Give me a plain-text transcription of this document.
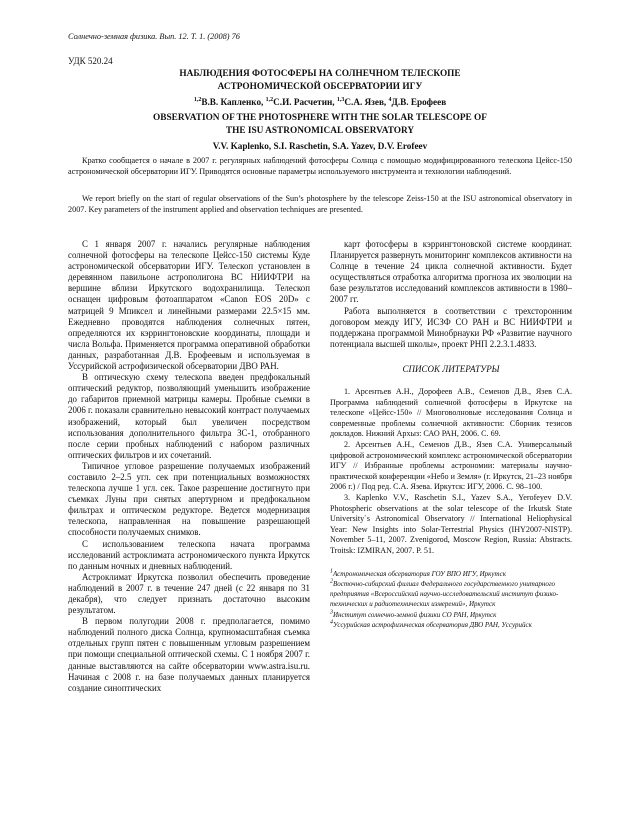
Солнечно-земная физика. Вып. 12. Т. 1. (2008) 76
УДК 520.24
НАБЛЮДЕНИЯ ФОТОСФЕРЫ НА СОЛНЕЧНОМ ТЕЛЕСКОПЕ
АСТРОНОМИЧЕСКОЙ ОБСЕРВАТОРИИ ИГУ
$^{1,2}$В.В. Капленко, $^{1,2}$С.И. Расчетин, $^{1,3}$С.А. Язев, $^4$Д.В. Ерофеев
OBSERVATION OF THE PHOTOSPHERE WITH THE SOLAR TELESCOPE OF
THE ISU ASTRONOMICAL OBSERVATORY
V.V. Kaplenko, S.I. Raschetin, S.A. Yazev, D.V. Erofeev
Кратко сообщается о начале в 2007 г. регулярных наблюдений фотосферы Солнца с помощью модифицированного телескопа Цейсс-150 астрономической обсерватории ИГУ. Приводятся основные параметры используемого инструмента и технологии наблюдений.
We report briefly on the start of regular observations of the Sun’s photosphere by the telescope Zeiss-150 at the ISU astronomical observatory in 2007. Key parameters of the instrument applied and observation techniques are presented.

С 1 января 2007 г. начались регулярные наблюдения солнечной фотосферы на телескопе Цейсс-150 системы Куде астрономической обсерватории ИГУ. Телескоп установлен в деревянном павильоне астрополигона ВС НИИФТРИ на вершине вблизи Иркутского водохранилища. Телескоп оснащен цифровым фотоаппаратом «Canon EOS 20D» с матрицей 9 Мпиксел и линейными размерами 22.5×15 мм. Ежедневно проводятся наблюдения солнечных пятен, определяются их кэррингтоновские координаты, площади и числа Вольфа. Применяется программа оперативной обработки данных, разработанная Д.В. Ерофеевым и используемая в Уссурийской астрофизической обсерватории ДВО РАН.

В оптическую схему телескопа введен предфокальный оптический редуктор, позволяющий уменьшить изображение до габаритов приемной матрицы камеры. Пробные съемки в 2006 г. показали сравнительно невысокий контраст получаемых изображений, который был увеличен посредством использования дополнительного фильтра ЗС-1, отобранного после серии пробных наблюдений с набором различных оптических фильтров и их сочетаний.

Типичное угловое разрешение получаемых изображений составило 2–2.5 угл. сек при потенциальных возможностях телескопа лучше 1 угл. сек. Такое разрешение достигнуто при съемках Луны при снятых апертурном и предфокальном фильтрах и оптическом редукторе. Ведется модернизация телескопа, направленная на повышение разрешающей способности получаемых снимков.

С использованием телескопа начата программа исследований астроклимата астрономического пункта Иркутск по данным ночных и дневных наблюдений.

Астроклимат Иркутска позволил обеспечить проведение наблюдений в 2007 г. в течение 247 дней (с 22 января по 31 декабря), что следует признать достаточно высоким результатом.

В первом полугодии 2008 г. предполагается, помимо наблюдений полного диска Солнца, крупномасштабная съемка отдельных групп пятен с повышенным угловым разрешением при помощи специальной оптической схемы. С 1 ноября 2007 г. данные выставляются на сайте обсерватории www.astra.isu.ru. Начиная с 2008 г. на базе получаемых данных планируется создание синоптических

карт фотосферы в кэррингтоновской системе координат. Планируется развернуть мониторинг комплексов активности на Солнце в течение 24 цикла солнечной активности. Будет осуществляться отработка алгоритма прогноза их эволюции на базе результатов исследований комплексов активности в 1980–2007 гг.

Работа выполняется в соответствии с трехсторонним договором между ИГУ, ИСЗФ СО РАН и ВС НИИФТРИ и поддержана программой Минобрнауки РФ «Развитие научного потенциала высшей школы», проект РНП 2.2.3.1.4833.

СПИСОК ЛИТЕРАТУРЫ

1. Арсентьев А.Н., Дорофеев А.В., Семенов Д.В., Язев С.А. Программа наблюдений солнечной фотосферы в Иркутске на телескопе «Цейсс-150» // Многоволновые исследования Солнца и современные проблемы солнечной активности: Сборник тезисов докладов. Нижний Архыз: САО РАН, 2006. С. 69.

2. Арсентьев А.Н., Семенов Д.В., Язев С.А. Универсальный цифровой астрономический комплекс астрономической обсерватории ИГУ // Избранные проблемы астрономии: материалы научно-практической конференции «Небо и Земля» (г. Иркутск, 21–23 ноября 2006 г.) / Под ред. С.А. Язева. Иркутск: ИГУ, 2006. С. 98–100.

3. Kaplenko V.V., Raschetin S.I., Yazev S.A., Yerofeyev D.V. Photospheric observations at the solar telescope of the Irkutsk State University`s Astronomical Observatory // International Heliophysical Year: New Insights into Solar-Terrestrial Physics (IHY2007-NISTP). November 5–11, 2007. Zvenigorod, Moscow Region, Russia: Abstracts. Troitsk: IZMIRAN, 2007. P. 51.

$^1$Астрономическая обсерватория ГОУ ВПО ИГУ, Иркутск
$^2$Восточно-сибирский филиал Федерального государственного унитарного предприятия «Всероссийский научно-исследовательский институт физико-технических и радиотехнических измерений», Иркутск
$^3$Институт солнечно-земной физики СО РАН, Иркутск
$^4$Уссурийская астрофизическая обсерватория ДВО РАН, Уссурийск
